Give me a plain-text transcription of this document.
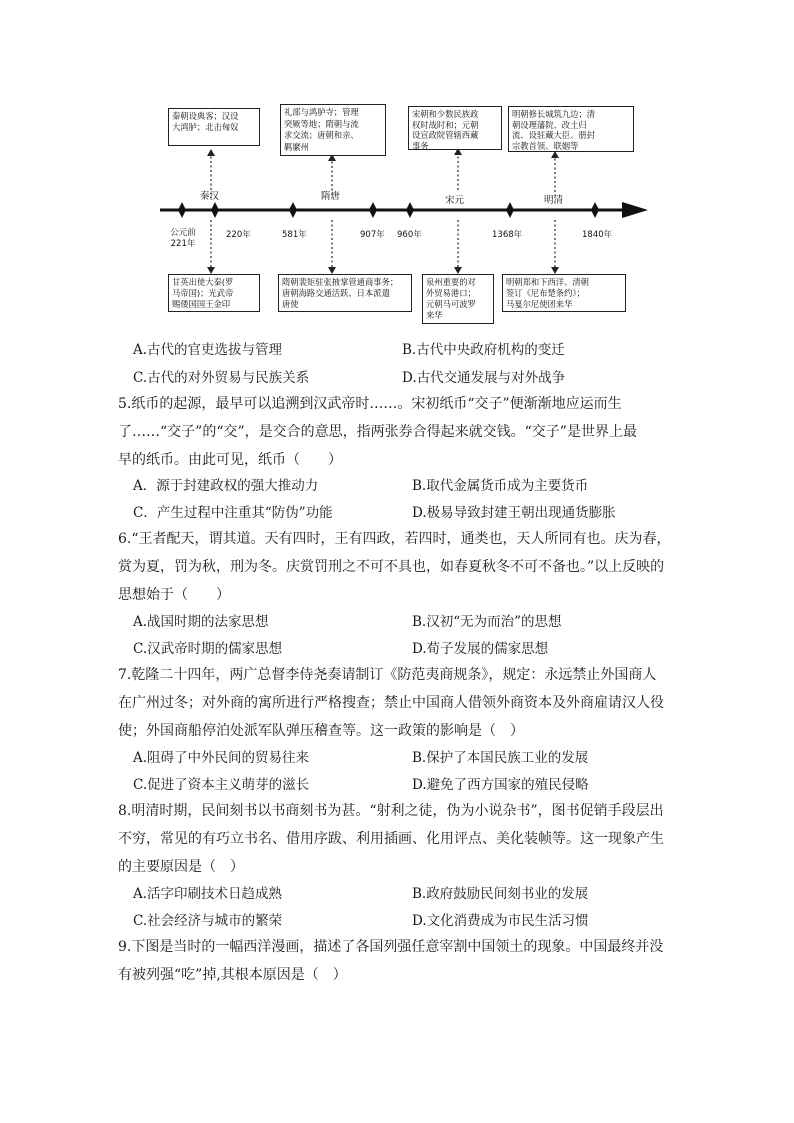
秦朝设典客；汉设
大鸿胪；北击匈奴
礼部与鸿胪寺；管理
突厥等地；隋朝与流
求交流；唐朝和亲、
羁縻州
宋朝和少数民族政
权时战时和；元朝
设宣政院管辖西藏
事务
明朝修长城筑九边；清
朝设理藩院、改土归
流、设驻藏大臣、册封
宗教首领、联姻等
秦汉	隋唐	宋元	明清
公元前
221年
220年	581年	907年 960年	1368年	1840年
甘英出使大秦(罗
马帝国)；光武帝
赐倭国国王金印
隋朝裴矩驻张掖掌管通商事务；
唐朝海路交通活跃、日本派遣
唐使
泉州重要的对
外贸易港口；
元朝马可波罗
来华
明朝郑和下西洋、清朝
签订《尼布楚条约》；
马戛尔尼使团来华
A.古代的官吏选拔与管理	B.古代中央政府机构的变迁
C.古代的对外贸易与民族关系	D.古代交通发展与对外战争
5.纸币的起源，最早可以追溯到汉武帝时……。宋初纸币“交子”便渐渐地应运而生
了……“交子”的“交”，是交合的意思，指两张券合得起来就交钱。“交子”是世界上最
早的纸币。由此可见，纸币（　　）
A．源于封建政权的强大推动力	B.取代金属货币成为主要货币
C．产生过程中注重其“防伪”功能	D.极易导致封建王朝出现通货膨胀
6.“王者配天，谓其道。天有四时，王有四政，若四时，通类也，天人所同有也。庆为春，
赏为夏，罚为秋，刑为冬。庆赏罚刑之不可不具也，如春夏秋冬不可不备也。”以上反映的
思想始于（　　）
A.战国时期的法家思想	B.汉初“无为而治”的思想
C.汉武帝时期的儒家思想	D.荀子发展的儒家思想
7.乾隆二十四年，两广总督李侍尧奏请制订《防范夷商规条》，规定：永远禁止外国商人
在广州过冬；对外商的寓所进行严格搜查；禁止中国商人借领外商资本及外商雇请汉人役
使；外国商船停泊处派军队弹压稽查等。这一政策的影响是（　）
A.阻碍了中外民间的贸易往来	B.保护了本国民族工业的发展
C.促进了资本主义萌芽的滋长	D.避免了西方国家的殖民侵略
8.明清时期，民间刻书以书商刻书为甚。“射利之徒，伪为小说杂书”，图书促销手段层出
不穷，常见的有巧立书名、借用序跋、利用插画、化用评点、美化装帧等。这一现象产生
的主要原因是（　）
A.活字印刷技术日趋成熟	B.政府鼓励民间刻书业的发展
C.社会经济与城市的繁荣	D.文化消费成为市民生活习惯
9.下图是当时的一幅西洋漫画，描述了各国列强任意宰割中国领土的现象。中国最终并没
有被列强“吃”掉,其根本原因是（　）
